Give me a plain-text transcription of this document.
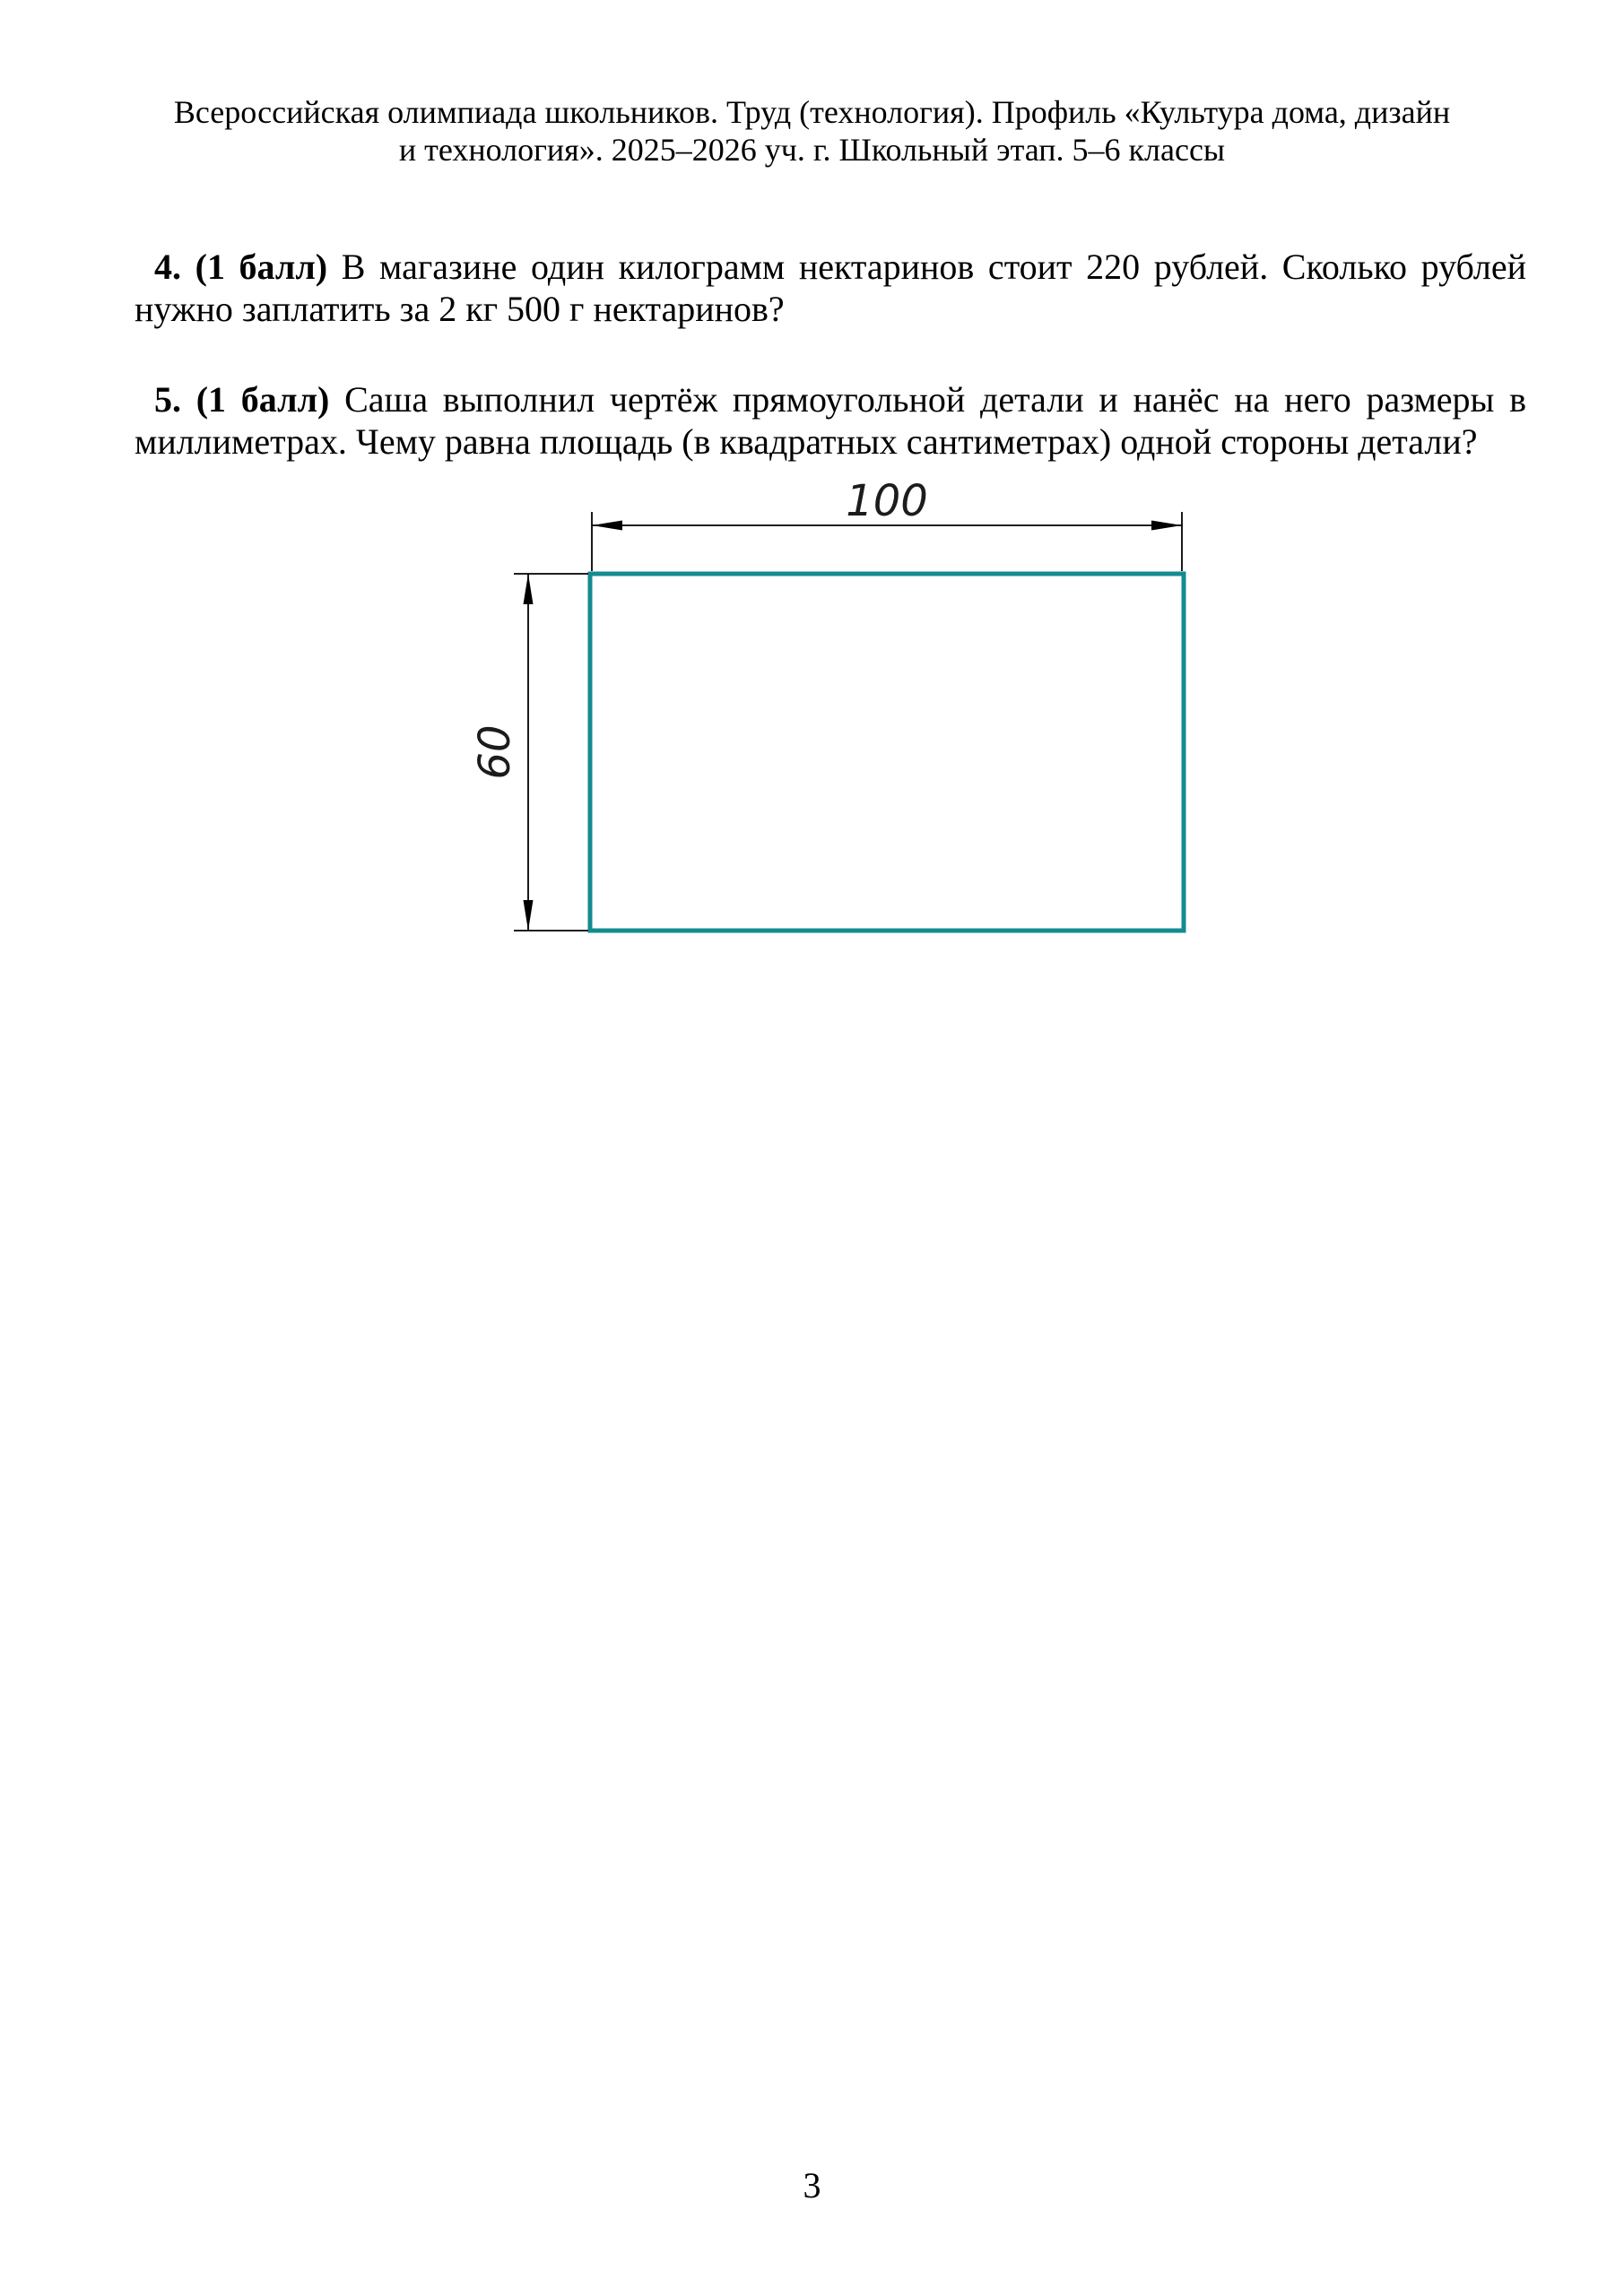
Всероссийская олимпиада школьников. Труд (технология). Профиль «Культура дома, дизайн
и технология». 2025–2026 уч. г. Школьный этап. 5–6 классы

4. (1 балл) В магазине один килограмм нектаринов стоит 220 рублей. Сколько рублей нужно заплатить за 2 кг 500 г нектаринов?

5. (1 балл) Саша выполнил чертёж прямоугольной детали и нанёс на него размеры в миллиметрах. Чему равна площадь (в квадратных сантиметрах) одной стороны детали?

100
60
3
